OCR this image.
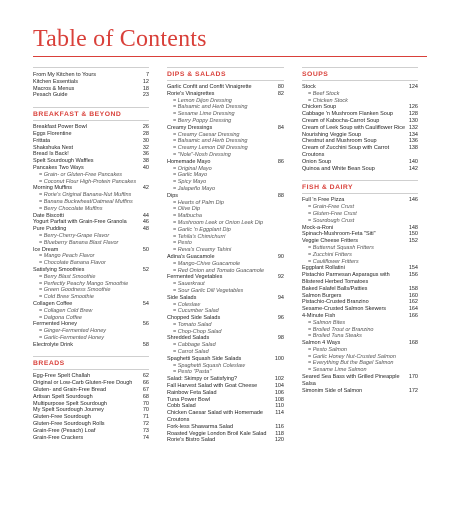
Table of Contents
From My Kitchen to Yours	7
Kitchen Essentials	12
Macros & Menus	18
Pesach Guide	23
BREAKFAST & BEYOND
Breakfast Power Bowl	26
Eggs Florentine	28
Frittata	30
Shakshuka Nest	32
Bread Is Back!	36
Spelt Sourdough Waffles	38
Pancakes Two Ways	40
= Grain- or Gluten-Free Pancakes
= Coconut Flour High-Protein Pancakes
Morning Muffins	42
= Rorie's Original Banana-Nut Muffins
= Banana Buckwheat/Oatmeal Muffins
= Berry Chocolate Muffins
Date Biscotti	44
Yogurt Parfait with Grain-Free Granola	46
Pure Pudding	48
= Berry-Cherry-Grape Flavor
= Blueberry Banana Blast Flavor
Ice Dream	50
= Mango Peach Flavor
= Chocolate Banana Flavor
Satisfying Smoothies	52
= Berry Blast Smoothie
= Perfectly Peachy Mango Smoothie
= Green Goodness Smoothie
= Cold Brew Smoothie
Collagen Coffee	54
= Collagen Cold Brew
= Dalgona Coffee
Fermented Honey	56
= Ginger-Fermented Honey
= Garlic-Fermented Honey
Electrolyte Drink	58
BREADS
Egg-Free Spelt Challah	62
Original or Low-Carb Gluten-Free Dough	66
Gluten- and Grain-Free Bread	67
Artisan Spelt Sourdough	68
Multipurpose Spelt Sourdough	70
My Spelt Sourdough Journey	70
Gluten-Free Sourdough	71
Gluten-Free Sourdough Rolls	72
Grain-Free (Pesach) Loaf	73
Grain-Free Crackers	74
DIPS & SALADS
Garlic Confit and Confit Vinaigrette	80
Rorie's Vinaigrettes	82
= Lemon Dijon Dressing
= Balsamic and Herb Dressing
= Sesame Lime Dressing
= Berry Poppy Dressing
Creamy Dressings	84
= Creamy Caesar Dressing
= Balsamic and Herb Dressing
= Creamy Lemon Dill Dressing
= "Nole"-Nosh Dressing
Homemade Mayo	86
= Original Mayo
= Garlic Mayo
= Spicy Mayo
= Jalapeño Mayo
Dips	88
= Hearts of Palm Dip
= Olive Dip
= Matbucha
= Mushroom Leek or Onion Leek Dip
= Garlic 'n Eggplant Dip
= Tehila's Chimichurri
= Pesto
= Reva's Creamy Tahini
Adina's Guacamole	90
= Mango-Chive Guacamole
= Red Onion and Tomato Guacamole
Fermented Vegetables	92
= Sauerkraut
= Sour Garlic Dill Vegetables
Side Salads	94
= Coleslaw
= Cucumber Salad
Chopped Side Salads	96
= Tomato Salad
= Chop-Chop Salad
Shredded Salads	98
= Cabbage Salad
= Carrot Salad
Spaghetti Squash Side Salads	100
= Spaghetti Squash Coleslaw
= Pesto "Pasta"
Salad: Skimpy or Satisfying?	102
Fall Harvest Salad with Goat Cheese	104
Rainbow Feta Salad	106
Tuna Power Bowl	108
Cobb Salad	110
Chicken Caesar Salad with Homemade Croutons
114
Fork-less Shawarma Salad	116
Roasted Veggie London Broil Kale Salad	118
Rorie's Bistro Salad	120
SOUPS
Stock	124
= Beef Stock
= Chicken Stock
Chicken Soup	126
Cabbage 'n Mushroom Flanken Soup	128
Cream of Kabocha-Carrot Soup	130
Cream of Leek Soup with Cauliflower Rice 132
Nourishing Veggie Soup	134
Chestnut and Mushroom Soup	136
Cream of Zucchini Soup with Carrot Croutons
138
Onion Soup	140
Quinoa and White Bean Soup	142
FISH & DAIRY
Full 'n Free Pizza	146
= Grain-Free Crust
= Gluten-Free Crust
= Sourdough Crust
Mock-a-Roni	148
Spinach-Mushroom-Feta "Siti"	150
Veggie Cheese Fritters	152
= Butternut Squash Fritters
= Zucchini Fritters
= Cauliflower Fritters
Eggplant Rollatini	154
Pistachio Parmesan Asparagus with Blistered Herbed Tomatoes
156
Baked Falafel Balls/Patties	158
Salmon Burgers	160
Pistachio-Crusted Branzino	162
Sesame-Crusted Salmon Skewers	164
4-Minute Fish	166
= Salmon Bites
= Broiled Trout or Branzino
= Broiled Tuna Steaks
Salmon 4 Ways	168
= Pesto Salmon
= Garlic Honey Nut-Crusted Salmon
= Everything But the Bagel Salmon
= Sesame Lime Salmon
Seared Sea Bass with Grilled Pineapple Salsa
170
Simonim Side of Salmon	172
